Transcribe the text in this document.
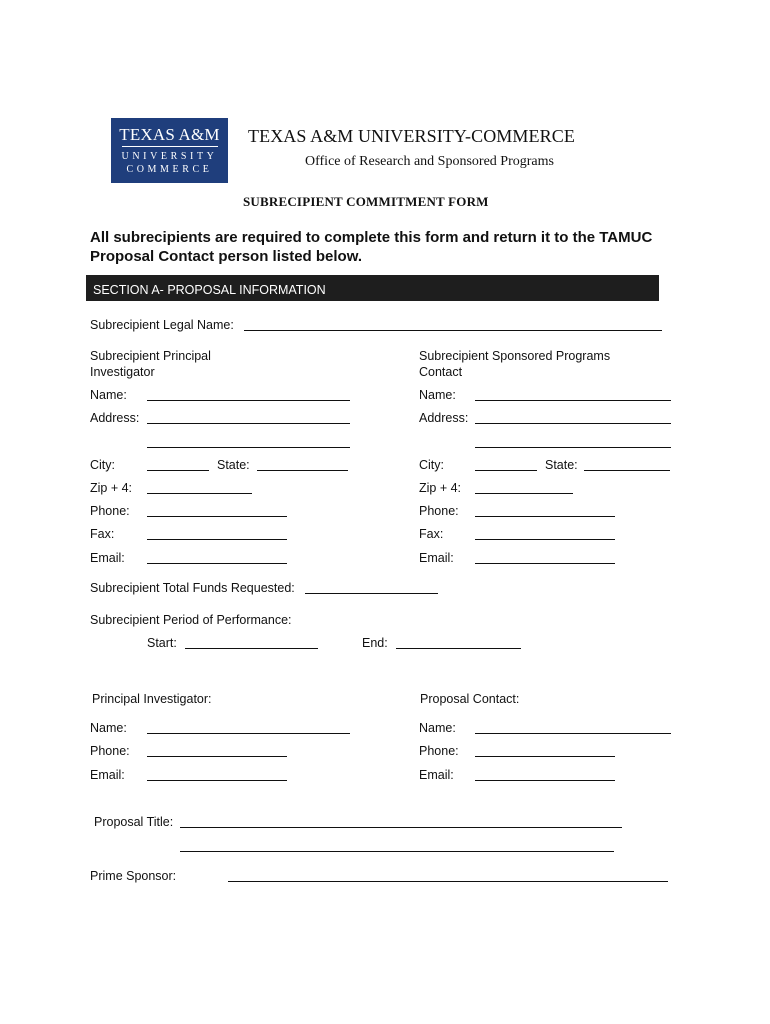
TEXAS A&M
UNIVERSITY
COMMERCE
TEXAS A&M UNIVERSITY-COMMERCE
Office of Research and Sponsored Programs
SUBRECIPIENT COMMITMENT FORM
All subrecipients are required to complete this form and return it to the TAMUC Proposal Contact person listed below.
SECTION A- PROPOSAL INFORMATION
Subrecipient Legal Name:
Subrecipient Principal
Investigator
Subrecipient Sponsored Programs
Contact
Name:
Address:
City:	State:
Zip + 4:
Phone:
Fax:
Email:
Name:
Address:
City:	State:
Zip + 4:
Phone:
Fax:
Email:
Subrecipient Total Funds Requested:
Subrecipient Period of Performance:
Start:	End:
Principal Investigator:	Proposal Contact:
Name:
Phone:
Email:
Name:
Phone:
Email:
Proposal Title:
Prime Sponsor:
